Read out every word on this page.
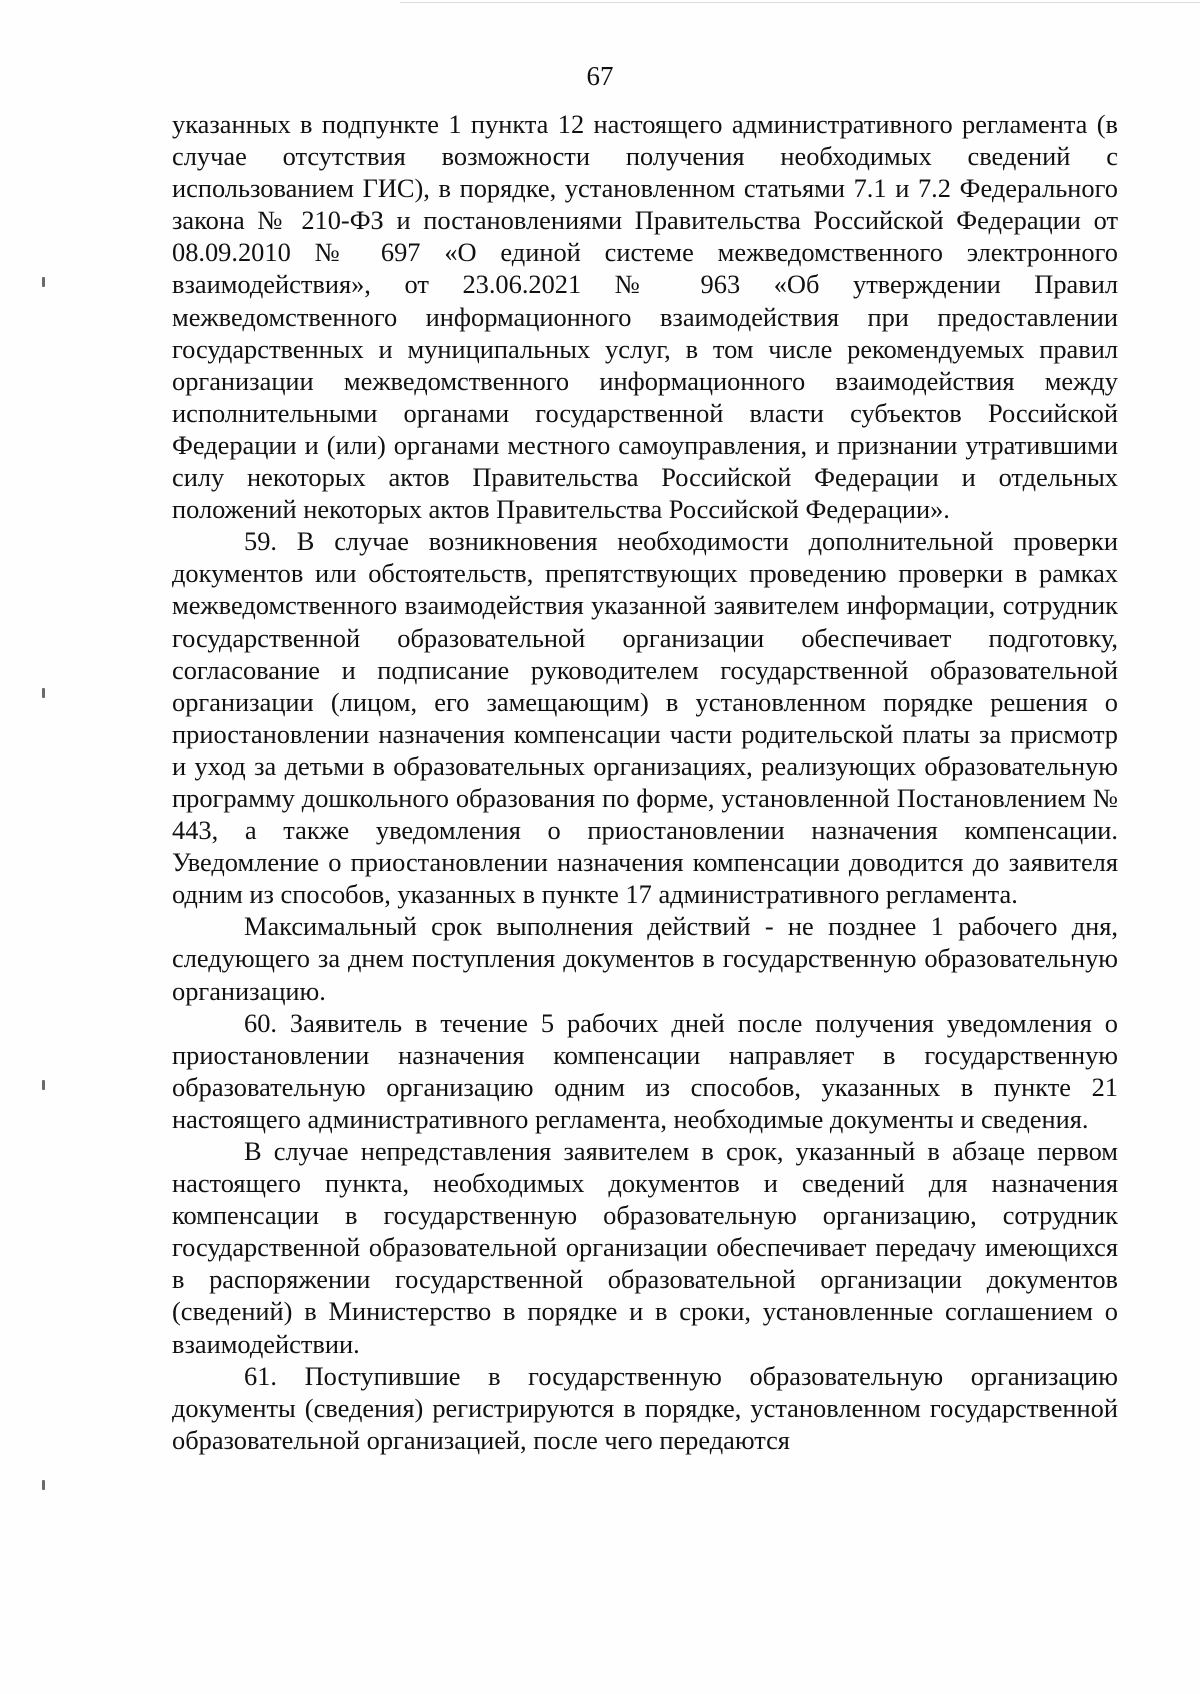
67

указанных в подпункте 1 пункта 12 настоящего административного регламента (в случае отсутствия возможности получения необходимых сведений с использованием ГИС), в порядке, установленном статьями 7.1 и 7.2 Федерального закона № 210-ФЗ и постановлениями Правительства Российской Федерации от 08.09.2010 № 697 «О единой системе межведомственного электронного взаимодействия», от 23.06.2021 № 963 «Об утверждении Правил межведомственного информационного взаимодействия при предоставлении государственных и муниципальных услуг, в том числе рекомендуемых правил организации межведомственного информационного взаимодействия между исполнительными органами государственной власти субъектов Российской Федерации и (или) органами местного самоуправления, и признании утратившими силу некоторых актов Правительства Российской Федерации и отдельных положений некоторых актов Правительства Российской Федерации».

59. В случае возникновения необходимости дополнительной проверки документов или обстоятельств, препятствующих проведению проверки в рамках межведомственного взаимодействия указанной заявителем информации, сотрудник государственной образовательной организации обеспечивает подготовку, согласование и подписание руководителем государственной образовательной организации (лицом, его замещающим) в установленном порядке решения о приостановлении назначения компенсации части родительской платы за присмотр и уход за детьми в образовательных организациях, реализующих образовательную программу дошкольного образования по форме, установленной Постановлением № 443, а также уведомления о приостановлении назначения компенсации. Уведомление о приостановлении назначения компенсации доводится до заявителя одним из способов, указанных в пункте 17 административного регламента.

Максимальный срок выполнения действий - не позднее 1 рабочего дня, следующего за днем поступления документов в государственную образовательную организацию.

60. Заявитель в течение 5 рабочих дней после получения уведомления о приостановлении назначения компенсации направляет в государственную образовательную организацию одним из способов, указанных в пункте 21 настоящего административного регламента, необходимые документы и сведения.

В случае непредставления заявителем в срок, указанный в абзаце первом настоящего пункта, необходимых документов и сведений для назначения компенсации в государственную образовательную организацию, сотрудник государственной образовательной организации обеспечивает передачу имеющихся в распоряжении государственной образовательной организации документов (сведений) в Министерство в порядке и в сроки, установленные соглашением о взаимодействии.

61. Поступившие в государственную образовательную организацию документы (сведения) регистрируются в порядке, установленном государственной образовательной организацией, после чего передаются
